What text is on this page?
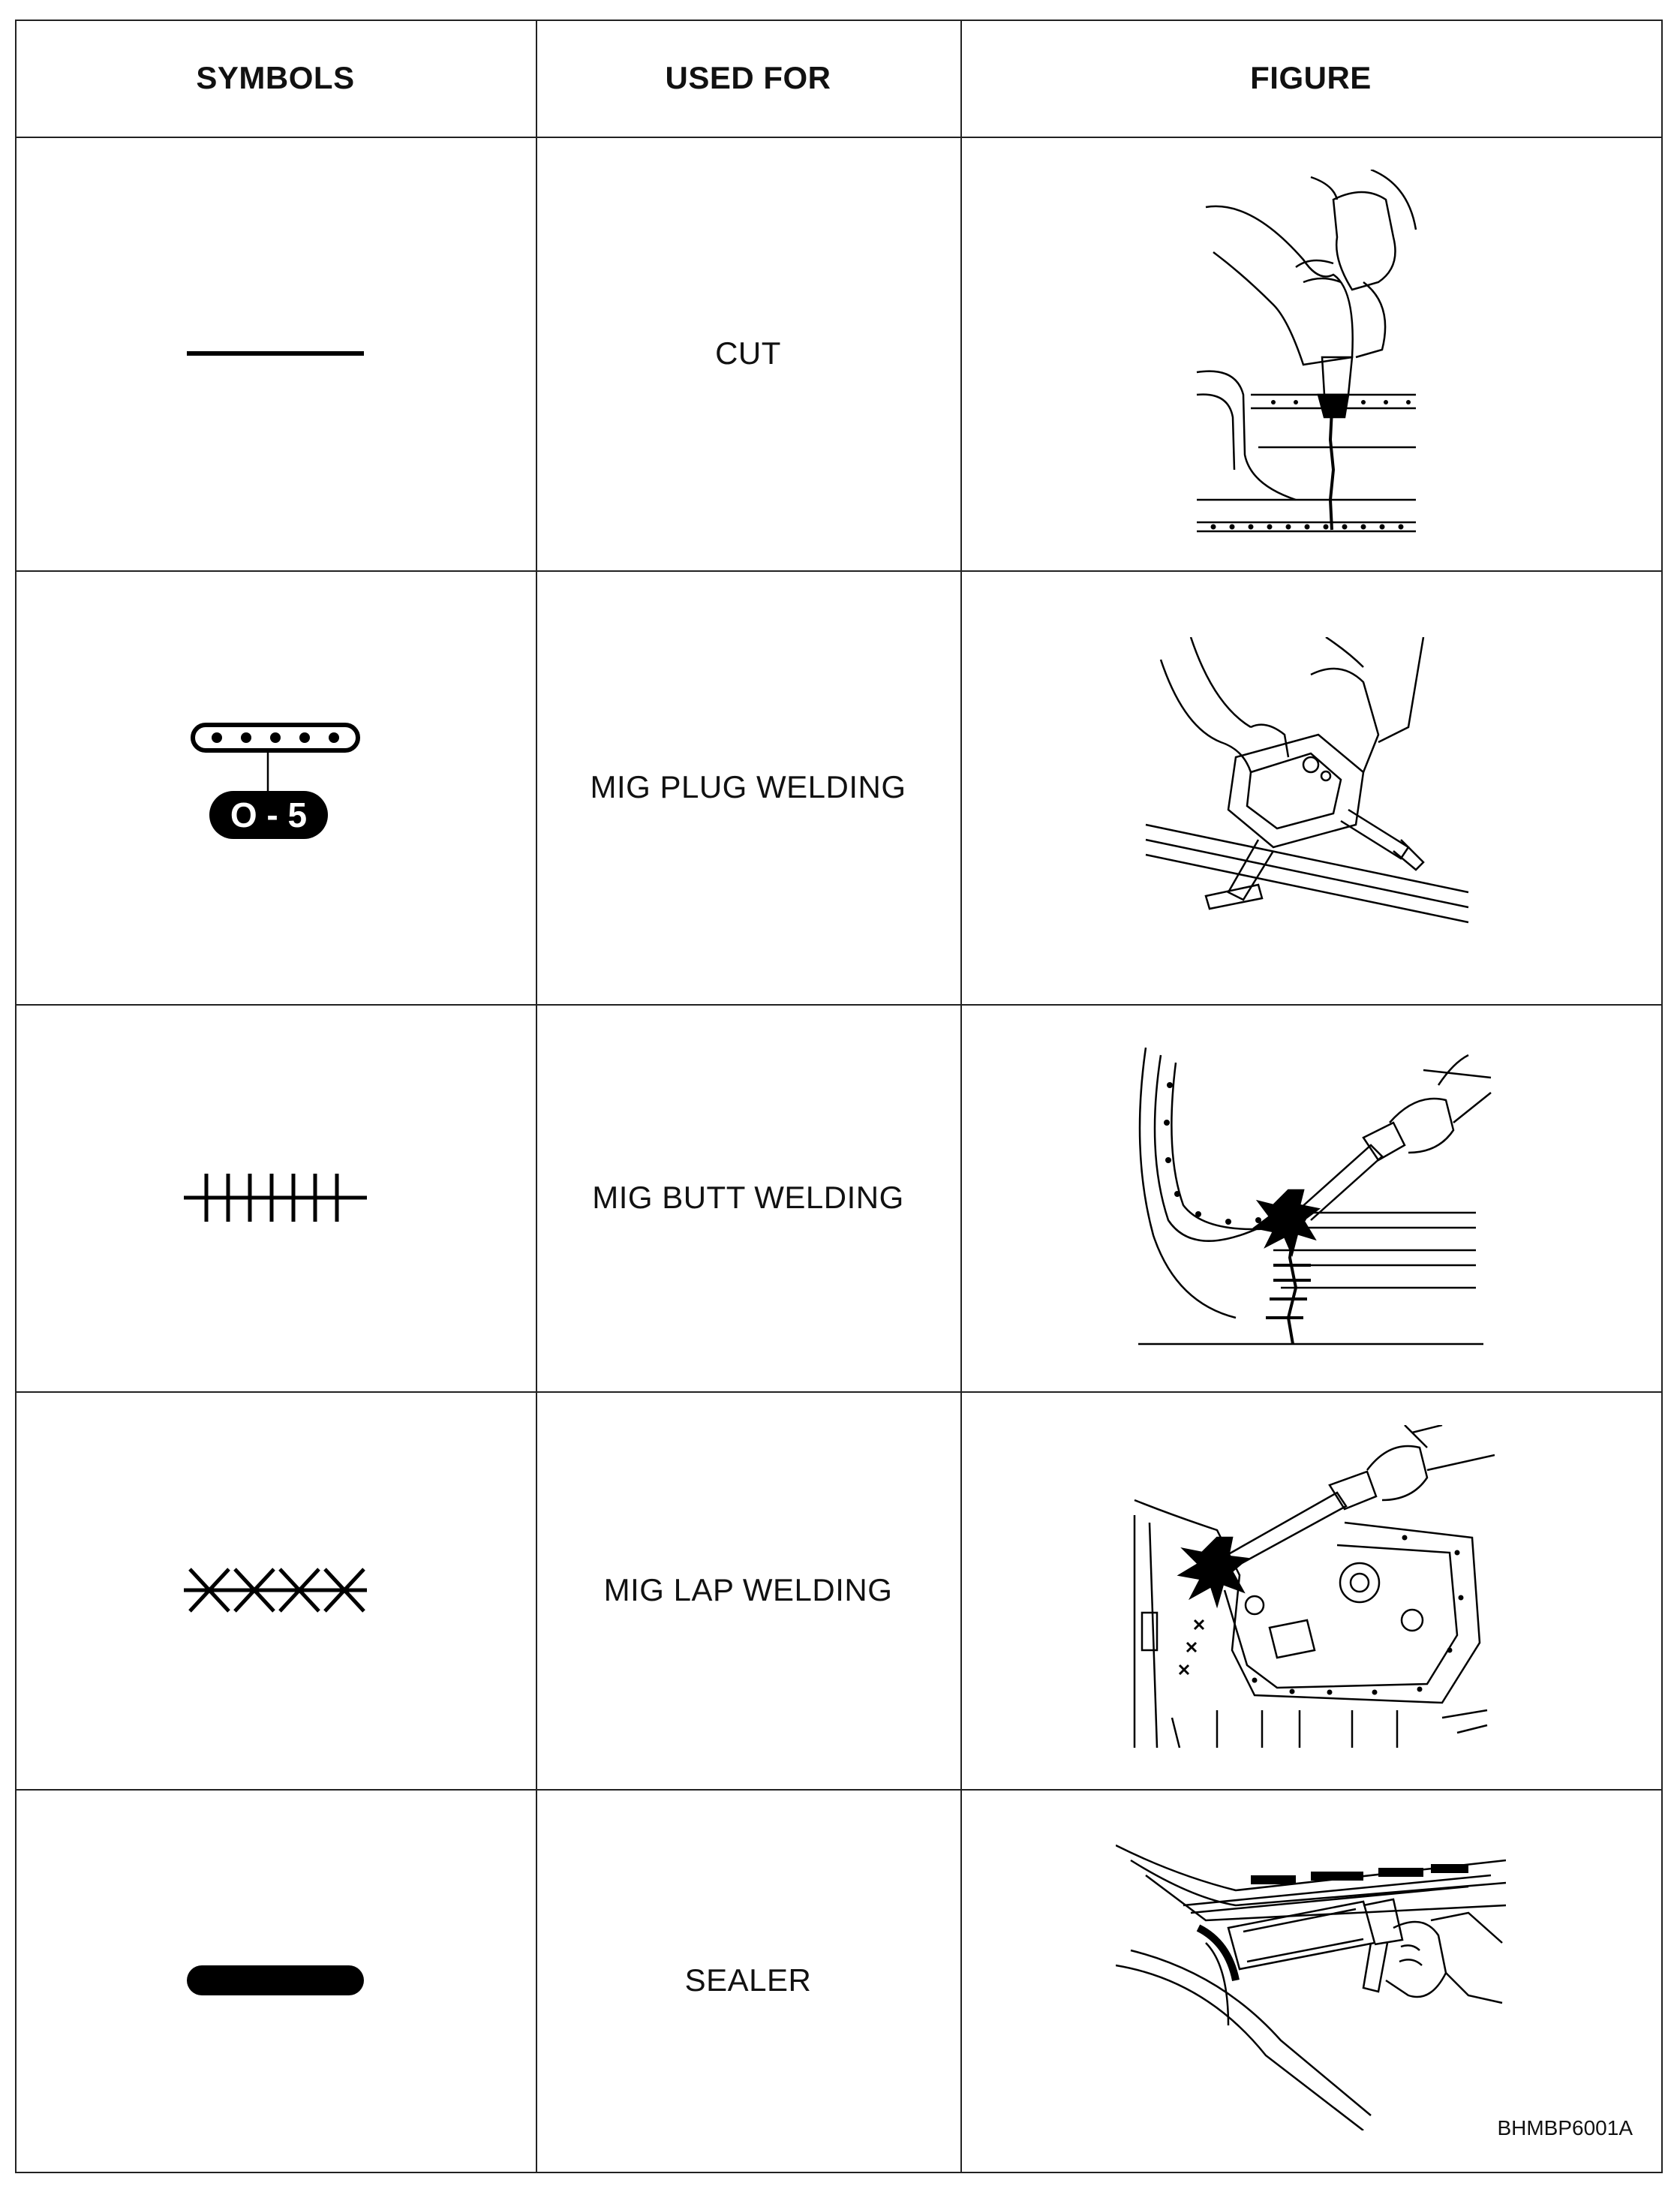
SYMBOLS	USED FOR	FIGURE
CUT
O - 5
MIG PLUG WELDING
MIG BUTT WELDING
MIG LAP WELDING
SEALER
BHMBP6001A
